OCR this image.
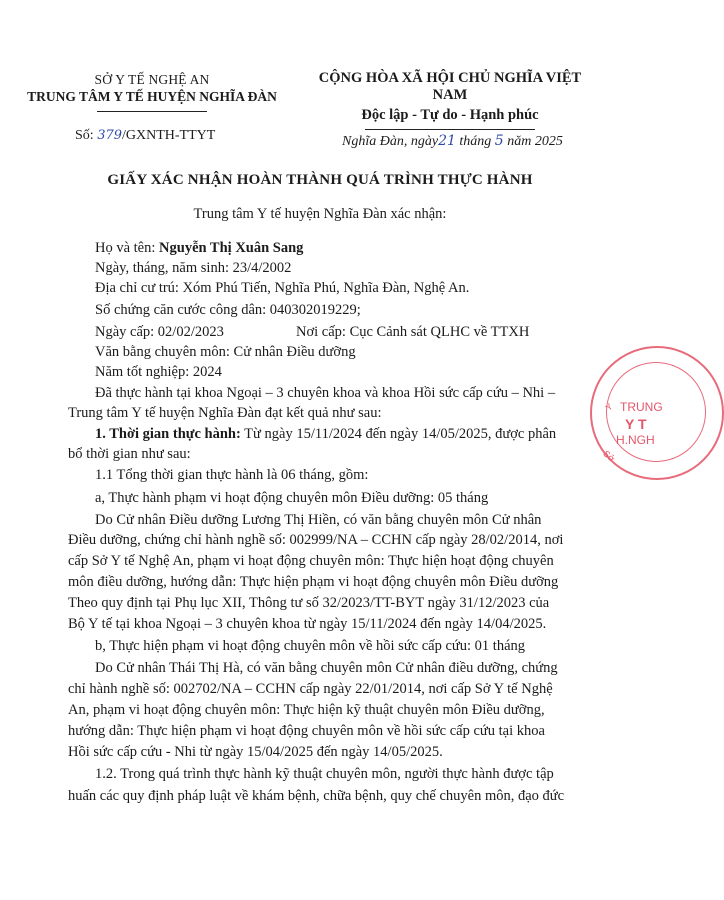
SỞ Y TẾ NGHỆ AN
TRUNG TÂM Y TẾ HUYỆN NGHĨA ĐÀN
CỘNG HÒA XÃ HỘI CHỦ NGHĨA VIỆT NAM
Độc lập - Tự do - Hạnh phúc
Số: 379/GXNTH-TTYT	Nghĩa Đàn, ngày21 tháng 5 năm 2025
GIẤY XÁC NHẬN HOÀN THÀNH QUÁ TRÌNH THỰC HÀNH
Trung tâm Y tế huyện Nghĩa Đàn xác nhận:
Họ và tên: Nguyễn Thị Xuân Sang
Ngày, tháng, năm sinh: 23/4/2002
Địa chỉ cư trú: Xóm Phú Tiến, Nghĩa Phú, Nghĩa Đàn, Nghệ An.
Số chứng căn cước công dân: 040302019229;
Ngày cấp: 02/02/2023	Nơi cấp: Cục Cảnh sát QLHC về TTXH
Văn bằng chuyên môn: Cử nhân Điều dưỡng
Năm tốt nghiệp: 2024
Đã thực hành tại khoa Ngoại – 3 chuyên khoa và khoa Hồi sức cấp cứu – Nhi –
Trung tâm Y tế huyện Nghĩa Đàn đạt kết quả như sau:
1. Thời gian thực hành: Từ ngày 15/11/2024 đến ngày 14/05/2025, được phân
bổ thời gian như sau:
1.1 Tổng thời gian thực hành là 06 tháng, gồm:
a, Thực hành phạm vi hoạt động chuyên môn Điều dưỡng: 05 tháng
Do Cử nhân Điều dưỡng Lương Thị Hiền, có văn bằng chuyên môn Cử nhân
Điều dưỡng, chứng chỉ hành nghề số: 002999/NA – CCHN cấp ngày 28/02/2014, nơi
cấp Sở Y tế Nghệ An, phạm vi hoạt động chuyên môn: Thực hiện hoạt động chuyên
môn điều dưỡng, hướng dẫn: Thực hiện phạm vi hoạt động chuyên môn Điều dưỡng
Theo quy định tại Phụ lục XII, Thông tư số 32/2023/TT-BYT ngày 31/12/2023 của
Bộ Y tế tại khoa Ngoại – 3 chuyên khoa từ ngày 15/11/2024 đến ngày 14/04/2025.
b, Thực hiện phạm vi hoạt động chuyên môn về hồi sức cấp cứu: 01 tháng
Do Cử nhân Thái Thị Hà, có văn bằng chuyên môn Cử nhân điều dưỡng, chứng
chỉ hành nghề số: 002702/NA – CCHN cấp ngày 22/01/2014, nơi cấp Sở Y tế Nghệ
An, phạm vi hoạt động chuyên môn: Thực hiện kỹ thuật chuyên môn Điều dưỡng,
hướng dẫn: Thực hiện phạm vi hoạt động chuyên môn về hồi sức cấp cứu tại khoa
Hồi sức cấp cứu - Nhi từ ngày 15/04/2025 đến ngày 14/05/2025.
1.2. Trong quá trình thực hành kỹ thuật chuyên môn, người thực hành được tập
huấn các quy định pháp luật về khám bệnh, chữa bệnh, quy chế chuyên môn, đạo đức
Y TRUNG
Y T
H.NGH
Sở
